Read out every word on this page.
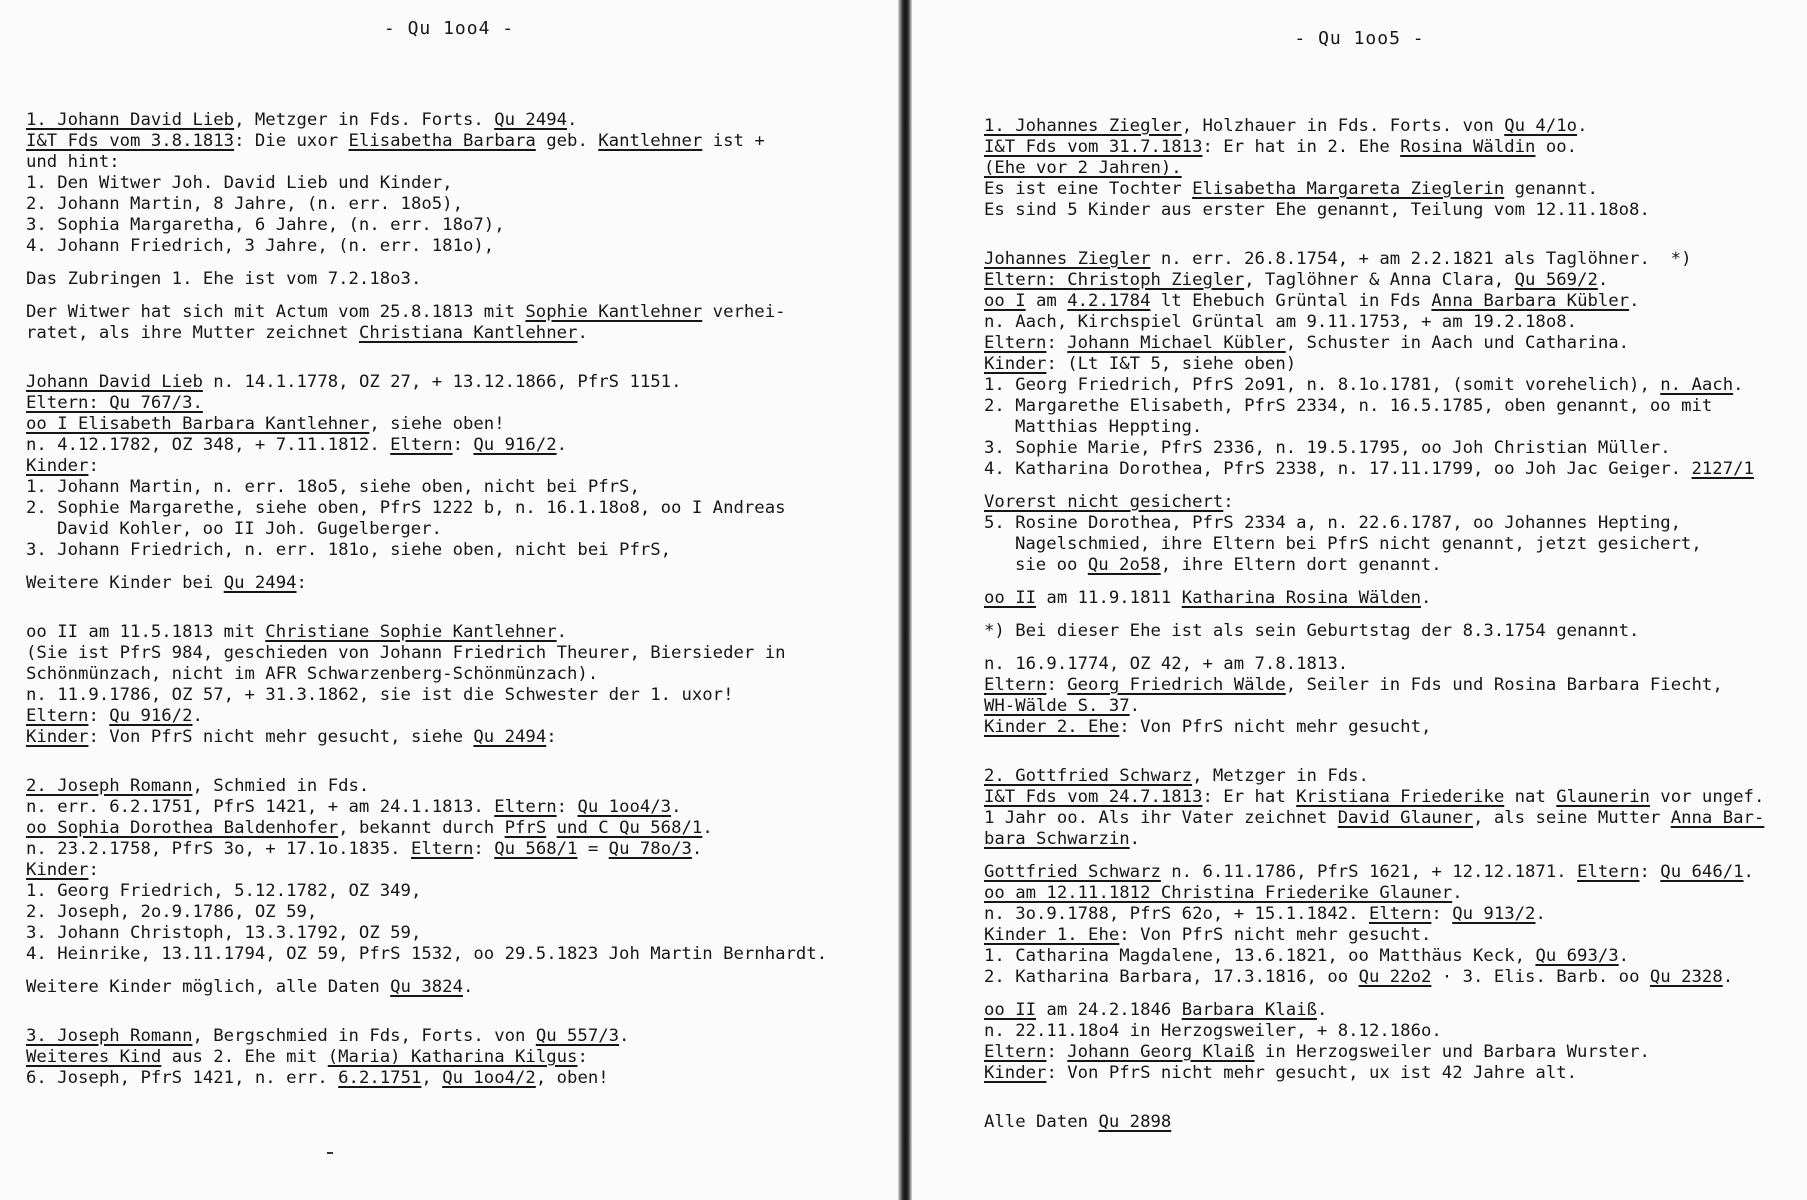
- Qu 1oo4 -
1. Johann David Lieb, Metzger in Fds. Forts. Qu 2494.
I&T Fds vom 3.8.1813: Die uxor Elisabetha Barbara geb. Kantlehner ist +
und hint:
1. Den Witwer Joh. David Lieb und Kinder,
2. Johann Martin, 8 Jahre, (n. err. 18o5),
3. Sophia Margaretha, 6 Jahre, (n. err. 18o7),
4. Johann Friedrich, 3 Jahre, (n. err. 181o),
Das Zubringen 1. Ehe ist vom 7.2.18o3.
Der Witwer hat sich mit Actum vom 25.8.1813 mit Sophie Kantlehner verhei-
ratet, als ihre Mutter zeichnet Christiana Kantlehner.
Johann David Lieb n. 14.1.1778, OZ 27, + 13.12.1866, PfrS 1151.
Eltern: Qu 767/3.
oo I Elisabeth Barbara Kantlehner, siehe oben!
n. 4.12.1782, OZ 348, + 7.11.1812. Eltern: Qu 916/2.
Kinder:
1. Johann Martin, n. err. 18o5, siehe oben, nicht bei PfrS,
2. Sophie Margarethe, siehe oben, PfrS 1222 b, n. 16.1.18o8, oo I Andreas
David Kohler, oo II Joh. Gugelberger.
3. Johann Friedrich, n. err. 181o, siehe oben, nicht bei PfrS,
Weitere Kinder bei Qu 2494:
oo II am 11.5.1813 mit Christiane Sophie Kantlehner.
(Sie ist PfrS 984, geschieden von Johann Friedrich Theurer, Biersieder in
Schönmünzach, nicht im AFR Schwarzenberg-Schönmünzach).
n. 11.9.1786, OZ 57, + 31.3.1862, sie ist die Schwester der 1. uxor!
Eltern: Qu 916/2.
Kinder: Von PfrS nicht mehr gesucht, siehe Qu 2494:
2. Joseph Romann, Schmied in Fds.
n. err. 6.2.1751, PfrS 1421, + am 24.1.1813. Eltern: Qu 1oo4/3.
oo Sophia Dorothea Baldenhofer, bekannt durch PfrS und C Qu 568/1.
n. 23.2.1758, PfrS 3o, + 17.1o.1835. Eltern: Qu 568/1 = Qu 78o/3.
Kinder:
1. Georg Friedrich, 5.12.1782, OZ 349,
2. Joseph, 2o.9.1786, OZ 59,
3. Johann Christoph, 13.3.1792, OZ 59,
4. Heinrike, 13.11.1794, OZ 59, PfrS 1532, oo 29.5.1823 Joh Martin Bernhardt.
Weitere Kinder möglich, alle Daten Qu 3824.
3. Joseph Romann, Bergschmied in Fds, Forts. von Qu 557/3.
Weiteres Kind aus 2. Ehe mit (Maria) Katharina Kilgus:
6. Joseph, PfrS 1421, n. err. 6.2.1751, Qu 1oo4/2, oben!
- Qu 1oo5 -
1. Johannes Ziegler, Holzhauer in Fds. Forts. von Qu 4/1o.
I&T Fds vom 31.7.1813: Er hat in 2. Ehe Rosina Wäldin oo.
(Ehe vor 2 Jahren).
Es ist eine Tochter Elisabetha Margareta Zieglerin genannt.
Es sind 5 Kinder aus erster Ehe genannt, Teilung vom 12.11.18o8.
Johannes Ziegler n. err. 26.8.1754, + am 2.2.1821 als Taglöhner.  *)
Eltern: Christoph Ziegler, Taglöhner & Anna Clara, Qu 569/2.
oo I am 4.2.1784 lt Ehebuch Grüntal in Fds Anna Barbara Kübler.
n. Aach, Kirchspiel Grüntal am 9.11.1753, + am 19.2.18o8.
Eltern: Johann Michael Kübler, Schuster in Aach und Catharina.
Kinder: (Lt I&T 5, siehe oben)
1. Georg Friedrich, PfrS 2o91, n. 8.1o.1781, (somit vorehelich), n. Aach.
2. Margarethe Elisabeth, PfrS 2334, n. 16.5.1785, oben genannt, oo mit
Matthias Heppting.
3. Sophie Marie, PfrS 2336, n. 19.5.1795, oo Joh Christian Müller.
4. Katharina Dorothea, PfrS 2338, n. 17.11.1799, oo Joh Jac Geiger. 2127/1
Vorerst nicht gesichert:
5. Rosine Dorothea, PfrS 2334 a, n. 22.6.1787, oo Johannes Hepting,
Nagelschmied, ihre Eltern bei PfrS nicht genannt, jetzt gesichert,
sie oo Qu 2o58, ihre Eltern dort genannt.
oo II am 11.9.1811 Katharina Rosina Wälden.
*) Bei dieser Ehe ist als sein Geburtstag der 8.3.1754 genannt.
n. 16.9.1774, OZ 42, + am 7.8.1813.
Eltern: Georg Friedrich Wälde, Seiler in Fds und Rosina Barbara Fiecht,
WH-Wälde S. 37.
Kinder 2. Ehe: Von PfrS nicht mehr gesucht,
2. Gottfried Schwarz, Metzger in Fds.
I&T Fds vom 24.7.1813: Er hat Kristiana Friederike nat Glaunerin vor ungef.
1 Jahr oo. Als ihr Vater zeichnet David Glauner, als seine Mutter Anna Bar-
bara Schwarzin.
Gottfried Schwarz n. 6.11.1786, PfrS 1621, + 12.12.1871. Eltern: Qu 646/1.
oo am 12.11.1812 Christina Friederike Glauner.
n. 3o.9.1788, PfrS 62o, + 15.1.1842. Eltern: Qu 913/2.
Kinder 1. Ehe: Von PfrS nicht mehr gesucht.
1. Catharina Magdalene, 13.6.1821, oo Matthäus Keck, Qu 693/3.
2. Katharina Barbara, 17.3.1816, oo Qu 22o2 · 3. Elis. Barb. oo Qu 2328.
oo II am 24.2.1846 Barbara Klaiß.
n. 22.11.18o4 in Herzogsweiler, + 8.12.186o.
Eltern: Johann Georg Klaiß in Herzogsweiler und Barbara Wurster.
Kinder: Von PfrS nicht mehr gesucht, ux ist 42 Jahre alt.
Alle Daten Qu 2898
